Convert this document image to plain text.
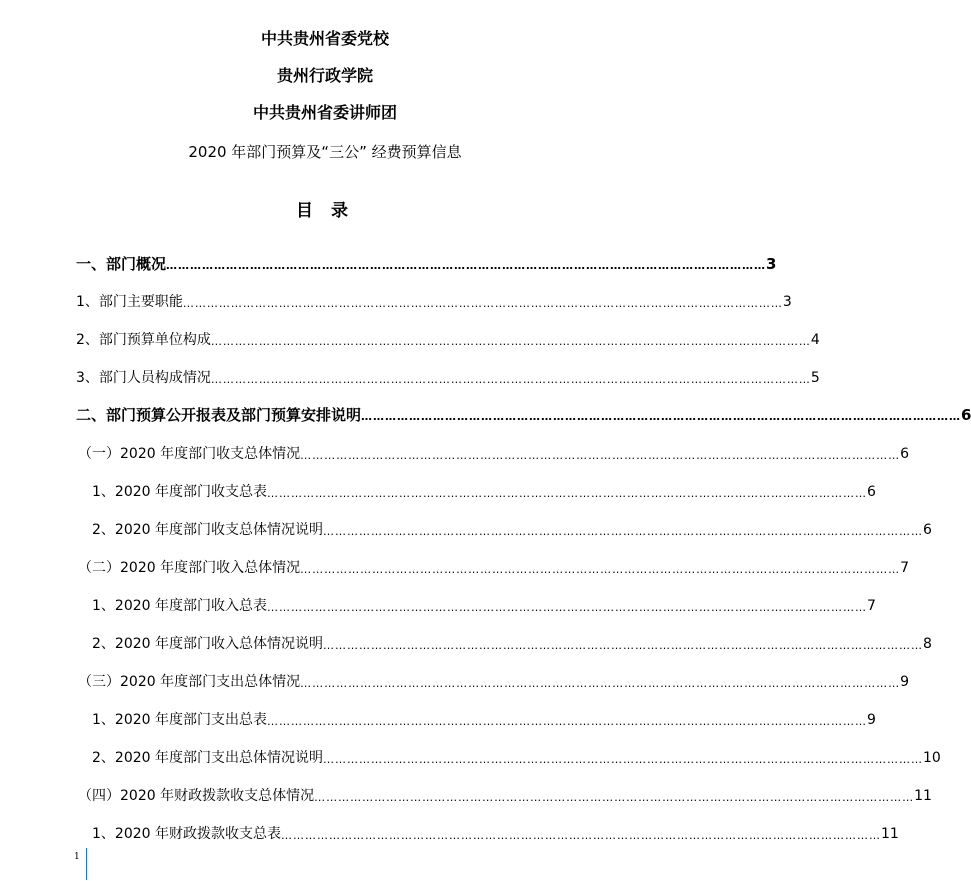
中共贵州省委党校
贵州行政学院
中共贵州省委讲师团
2020 年部门预算及“三公” 经费预算信息
目 录
一、部门概况 …………………………………………………………………………………………………………………………………… 3
1、部门主要职能 …………………………………………………………………………………………………………………………………… 3
2、部门预算单位构成 …………………………………………………………………………………………………………………………………… 4
3、部门人员构成情况 …………………………………………………………………………………………………………………………………… 5
二、部门预算公开报表及部门预算安排说明 …………………………………………………………………………………………………………………………………… 6
（一）2020 年度部门收支总体情况 …………………………………………………………………………………………………………………………………… 6
1、2020 年度部门收支总表 …………………………………………………………………………………………………………………………………… 6
2、2020 年度部门收支总体情况说明 …………………………………………………………………………………………………………………………………… 6
（二）2020 年度部门收入总体情况 …………………………………………………………………………………………………………………………………… 7
1、2020 年度部门收入总表 …………………………………………………………………………………………………………………………………… 7
2、2020 年度部门收入总体情况说明 …………………………………………………………………………………………………………………………………… 8
（三）2020 年度部门支出总体情况 …………………………………………………………………………………………………………………………………… 9
1、2020 年度部门支出总表 …………………………………………………………………………………………………………………………………… 9
2、2020 年度部门支出总体情况说明 …………………………………………………………………………………………………………………………………… 10
（四）2020 年财政拨款收支总体情况 …………………………………………………………………………………………………………………………………… 11
1、2020 年财政拨款收支总表 …………………………………………………………………………………………………………………………………… 11
1
